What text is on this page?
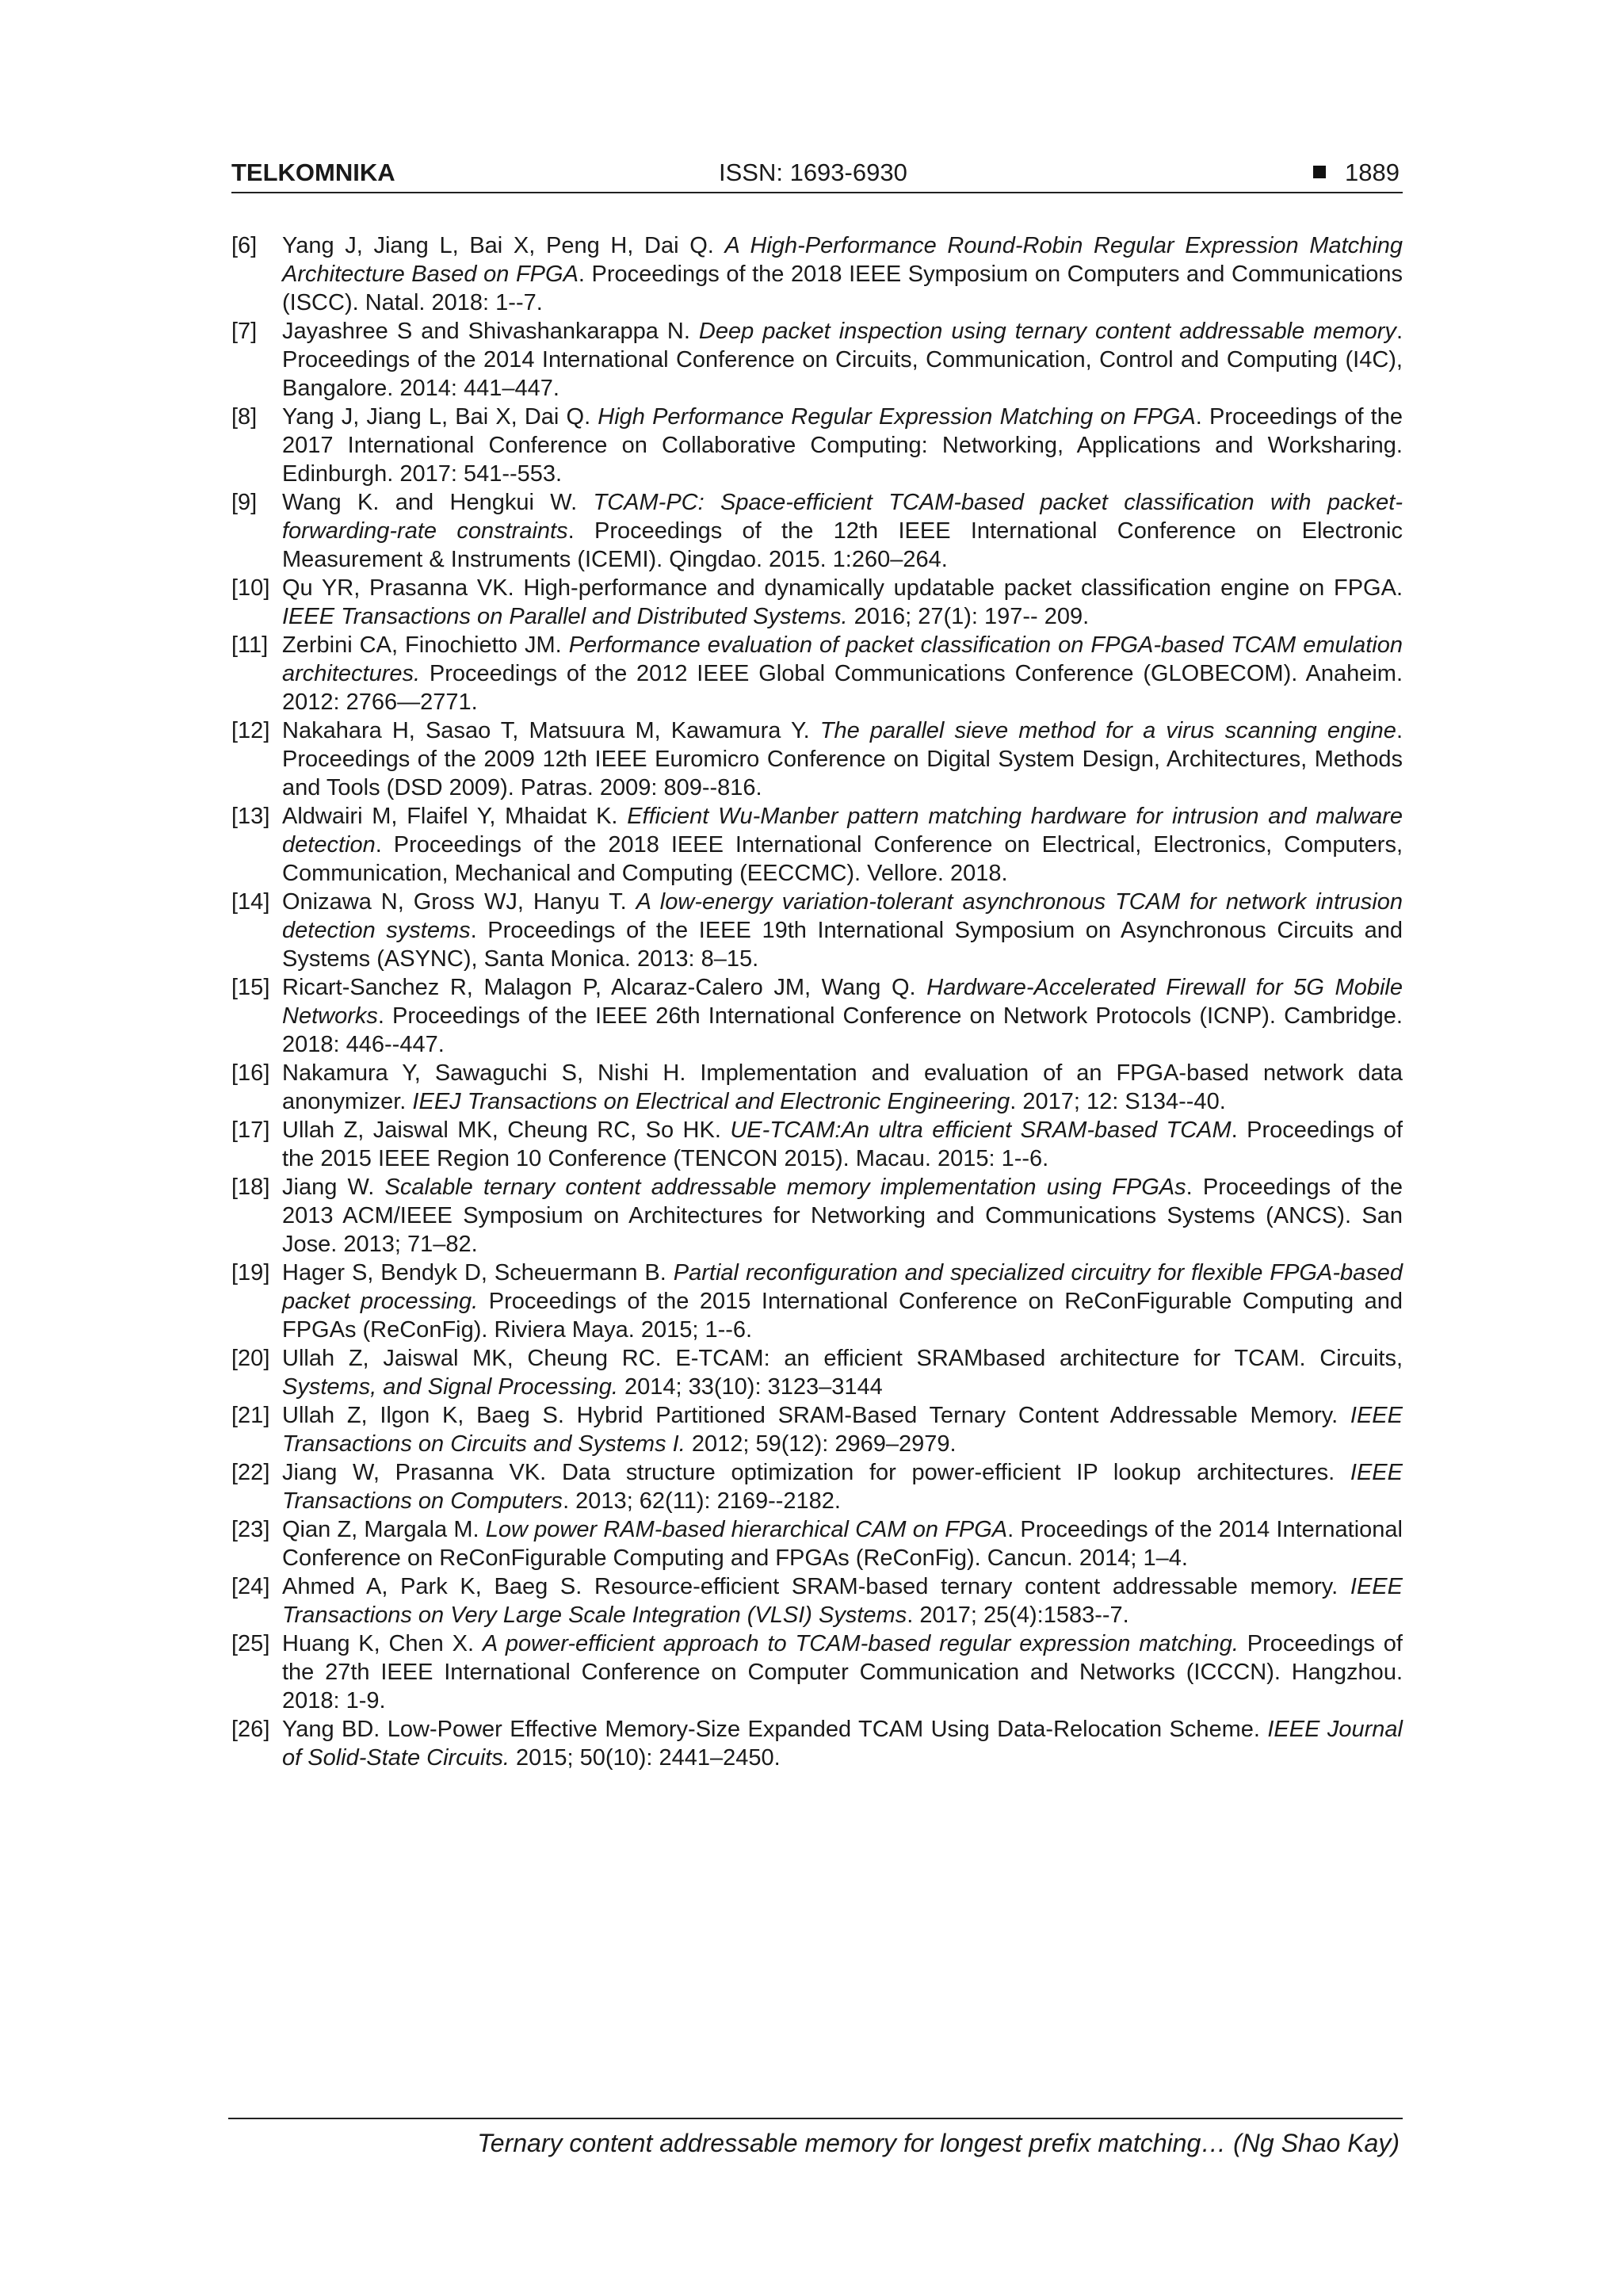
TELKOMNIKA	ISSN: 1693-6930	1889
[6]	Yang J, Jiang L, Bai X, Peng H, Dai Q. A High-Performance Round-Robin Regular Expression Matching Architecture Based on FPGA. Proceedings of the 2018 IEEE Symposium on Computers and Communications (ISCC). Natal. 2018: 1--7.
[7]	Jayashree S and Shivashankarappa N. Deep packet inspection using ternary content addressable memory. Proceedings of the 2014 International Conference on Circuits, Communication, Control and Computing (I4C), Bangalore. 2014: 441–447.
[8]	Yang J, Jiang L, Bai X, Dai Q. High Performance Regular Expression Matching on FPGA. Proceedings of the 2017 International Conference on Collaborative Computing: Networking, Applications and Worksharing. Edinburgh. 2017: 541--553.
[9]	Wang K. and Hengkui W. TCAM-PC: Space-efficient TCAM-based packet classification with packet-forwarding-rate constraints. Proceedings of the 12th IEEE International Conference on Electronic Measurement & Instruments (ICEMI). Qingdao. 2015. 1:260–264.
[10] Qu YR, Prasanna VK. High-performance and dynamically updatable packet classification engine on FPGA. IEEE Transactions on Parallel and Distributed Systems. 2016; 27(1): 197-- 209.
[11] Zerbini CA, Finochietto JM. Performance evaluation of packet classification on FPGA-based TCAM emulation architectures. Proceedings of the 2012 IEEE Global Communications Conference (GLOBECOM). Anaheim. 2012: 2766—2771.
[12] Nakahara H, Sasao T, Matsuura M, Kawamura Y. The parallel sieve method for a virus scanning engine. Proceedings of the 2009 12th IEEE Euromicro Conference on Digital System Design, Architectures, Methods and Tools (DSD 2009). Patras. 2009: 809--816.
[13] Aldwairi M, Flaifel Y, Mhaidat K. Efficient Wu-Manber pattern matching hardware for intrusion and malware detection. Proceedings of the 2018 IEEE International Conference on Electrical, Electronics, Computers, Communication, Mechanical and Computing (EECCMC). Vellore. 2018.
[14] Onizawa N, Gross WJ, Hanyu T. A low-energy variation-tolerant asynchronous TCAM for network intrusion detection systems. Proceedings of the IEEE 19th International Symposium on Asynchronous Circuits and Systems (ASYNC), Santa Monica. 2013: 8–15.
[15] Ricart-Sanchez R, Malagon P, Alcaraz-Calero JM, Wang Q. Hardware-Accelerated Firewall for 5G Mobile Networks. Proceedings of the IEEE 26th International Conference on Network Protocols (ICNP). Cambridge. 2018: 446--447.
[16] Nakamura Y, Sawaguchi S, Nishi H. Implementation and evaluation of an FPGA-based network data anonymizer. IEEJ Transactions on Electrical and Electronic Engineering. 2017; 12: S134--40.
[17] Ullah Z, Jaiswal MK, Cheung RC, So HK. UE-TCAM:An ultra efficient SRAM-based TCAM. Proceedings of the 2015 IEEE Region 10 Conference (TENCON 2015). Macau. 2015: 1--6.
[18] Jiang W. Scalable ternary content addressable memory implementation using FPGAs. Proceedings of the 2013 ACM/IEEE Symposium on Architectures for Networking and Communications Systems (ANCS). San Jose. 2013; 71–82.
[19] Hager S, Bendyk D, Scheuermann B. Partial reconfiguration and specialized circuitry for flexible FPGA-based packet processing. Proceedings of the 2015 International Conference on ReConFigurable Computing and FPGAs (ReConFig). Riviera Maya. 2015; 1--6.
[20] Ullah Z, Jaiswal MK, Cheung RC. E-TCAM: an efficient SRAMbased architecture for TCAM. Circuits, Systems, and Signal Processing. 2014; 33(10): 3123–3144
[21] Ullah Z, Ilgon K, Baeg S. Hybrid Partitioned SRAM-Based Ternary Content Addressable Memory. IEEE Transactions on Circuits and Systems I. 2012; 59(12): 2969–2979.
[22] Jiang W, Prasanna VK. Data structure optimization for power-efficient IP lookup architectures. IEEE Transactions on Computers. 2013; 62(11): 2169--2182.
[23] Qian Z, Margala M. Low power RAM-based hierarchical CAM on FPGA. Proceedings of the 2014 International Conference on ReConFigurable Computing and FPGAs (ReConFig). Cancun. 2014; 1–4.
[24] Ahmed A, Park K, Baeg S. Resource-efficient SRAM-based ternary content addressable memory. IEEE Transactions on Very Large Scale Integration (VLSI) Systems. 2017; 25(4):1583--7.
[25] Huang K, Chen X. A power-efficient approach to TCAM-based regular expression matching. Proceedings of the 27th IEEE International Conference on Computer Communication and Networks (ICCCN). Hangzhou. 2018: 1-9.
[26] Yang BD. Low-Power Effective Memory-Size Expanded TCAM Using Data-Relocation Scheme. IEEE Journal of Solid-State Circuits. 2015; 50(10): 2441–2450.
Ternary content addressable memory for longest prefix matching… (Ng Shao Kay)
